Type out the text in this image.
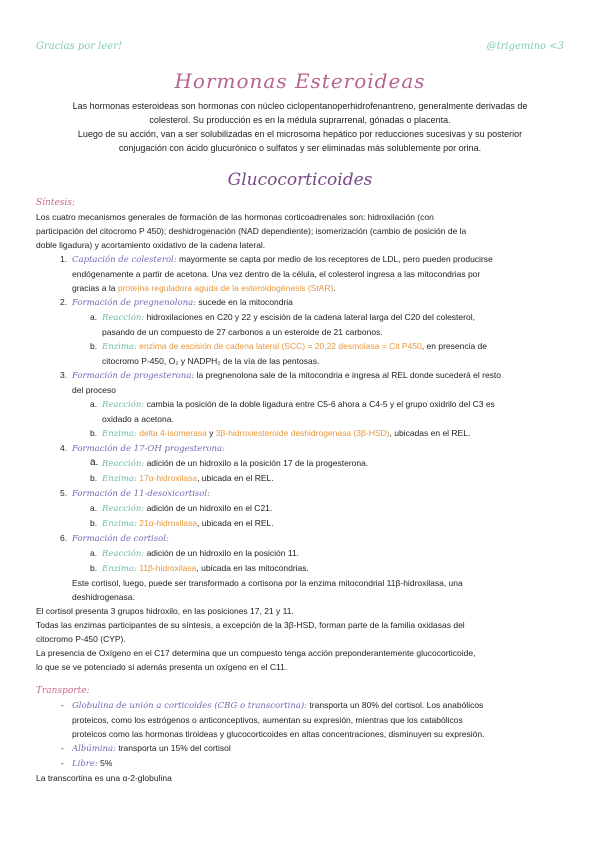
Gracias por leer!	@trigemino <3
Hormonas Esteroideas

Las hormonas esteroideas son hormonas con núcleo ciclopentanoperhidrofenantreno, generalmente derivadas de

colesterol. Su producción es en la médula suprarrenal, gónadas o placenta.

Luego de su acción, van a ser solubilizadas en el microsoma hepático por reducciones sucesivas y su posterior

conjugación con ácido glucurónico o sulfatos y ser eliminadas más solublemente por orina.

Glucocorticoides

Síntesis:

Los cuatro mecanismos generales de formación de las hormonas corticoadrenales son: hidroxilación (con

participación del citocromo P 450); deshidrogenación (NAD dependiente); isomerización (cambio de posición de la

doble ligadura) y acortamiento oxidativo de la cadena lateral.

1. Captación de colesterol: mayormente se capta por medio de los receptores de LDL, pero pueden producirse

endógenamente a partir de acetona. Una vez dentro de la célula, el colesterol ingresa a las mitocondrias por

gracias a la proteína reguladora aguda de la esteroidogénesis (StAR).

2. Formación de pregnenolona: sucede en la mitocondria

a. Reacción: hidroxilaciones en C20 y 22 y escisión de la cadena lateral larga del C20 del colesterol,

pasando de un compuesto de 27 carbonos a un esteroide de 21 carbonos.

b. Enzima: enzima de escisión de cadena lateral (SCC) = 20,22 desmolasa = Cit P450, en presencia de

citocromo P-450, O₂ y NADPH₂ de la vía de las pentosas.

3. Formación de progesterona: la pregnenolona sale de la mitocondria e ingresa al REL donde sucederá el resto

del proceso

a. Reacción: cambia la posición de la doble ligadura entre C5-6 ahora a C4-5 y el grupo oxidrilo del C3 es

oxidado a acetona.

b. Enzima: delta 4-isomerasa y 3β-hidroxiesteroide deshidrogenasa (3β-HSD), ubicadas en el REL.

4. Formación de 17-OH progesterona:

a. Reacción: adición de un hidroxilo a la posición 17 de la progesterona.

b. Enzima: 17α-hidroxilasa, ubicada en el REL.

5. Formación de 11-desoxicortisol:

a. Reacción: adición de un hidroxilo en el C21.

b. Enzima: 21α-hidroxilasa, ubicada en el REL.

6. Formación de cortisol:

a. Reacción: adición de un hidroxilo en la posición 11.

b. Enzima: 11β-hidroxilasa, ubicada en las mitocondrias.

Este cortisol, luego, puede ser transformado a cortisona por la enzima mitocondrial 11β-hidroxilasa, una

deshidrogenasa.

El cortisol presenta 3 grupos hidroxilo, en las posiciones 17, 21 y 11.

Todas las enzimas participantes de su síntesis, a excepción de la 3β-HSD, forman parte de la familia oxidasas del

citocromo P-450 (CYP).

La presencia de Oxígeno en el C17 determina que un compuesto tenga acción preponderantemente glucocorticoide,

lo que se ve potenciado si además presenta un oxígeno en el C11.

Transporte:

- Globulina de unión a corticoides (CBG o transcortina): transporta un 80% del cortisol. Los anabólicos

proteicos, como los estrógenos o anticonceptivos, aumentan su expresión, mientras que los catabólicos

proteicos como las hormonas tiroideas y glucocorticoides en altas concentraciones, disminuyen su expresión.

- Albúmina: transporta un 15% del cortisol

- Libre: 5%

La transcortina es una α-2-globulina
